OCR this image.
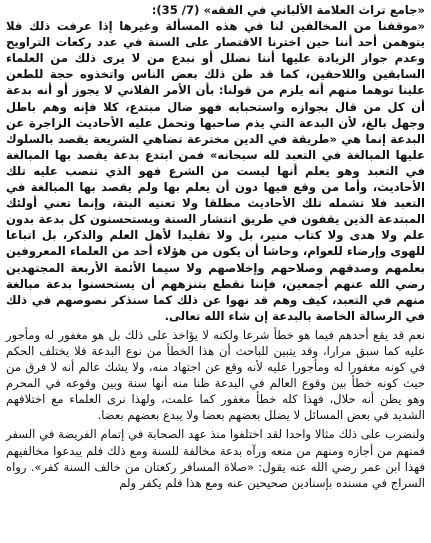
«جامع تراث العلامة الألباني في الفقه» (7/ 35):

«موقفنا من المخالفين لنا في هذه المسألة وغيرها إذا عرفت ذلك فلا يتوهمن أحد أننا حين اخترنا الاقتصار على السنة في عدد ركعات التراويح وعدم جواز الزيادة عليها أننا نضلل أو نبدع من لا يرى ذلك من العلماء السابقين واللاحقين، كما قد ظن ذلك بعض الناس واتخذوه حجة للطعن علينا توهما منهم أنه يلزم من قولنا: بأن الأمر الفلاني لا يجوز أو أنه بدعة أن كل من قال بجوازه واستحبابه فهو ضال مبتدع، كلا فإنه وهم باطل وجهل بالغ، لأن البدعة التي يذم صاحبها وتحمل عليه الأحاديث الزاجرة عن البدعة إنما هي «طريقة في الدين مخترعة تضاهي الشريعة يقصد بالسلوك عليها المبالغة في التعبد لله سبحانه» فمن ابتدع بدعة يقصد بها المبالغة في التعبد وهو يعلم أنها ليست من الشرع فهو الذي تنصب عليه تلك الأحاديث، وأما من وقع فيها دون أن يعلم بها ولم يقصد بها المبالغة في التعبد فلا تشمله تلك الأحاديث مطلقا ولا تعنيه البتة، وإنما تعني أولئك المبتدعة الذين يقفون في طريق انتشار السنة ويستحسنون كل بدعة بدون علم ولا هدى ولا كتاب منير، بل ولا تقليدا لأهل العلم والذكر، بل اتباعا للهوى وإرضاء للعوام، وحاشا أن يكون من هؤلاء أحد من العلماء المعروفين بعلمهم وصدقهم وصلاحهم وإخلاصهم ولا سيما الأئمة الأربعة المجتهدين رضي الله عنهم أجمعين، فإننا نقطع بتنزههم أن يستحسنوا بدعة مبالغة منهم في التعبد، كيف وهم قد نهوا عن ذلك كما سنذكر نصوصهم في ذلك في الرسالة الخاصة بالبدعة إن شاء الله تعالى.

نعم قد يقع أحدهم فيما هو خطأ شرعا ولكنه لا يؤاخذ على ذلك بل هو مغفور له ومأجور عليه كما سبق مرارا، وقد يتبين للباحث أن هذا الخطأ من نوع البدعة فلا يختلف الحكم في كونه مغفورا له ومأجورا عليه لأنه وقع عن اجتهاد منه، ولا يشك عالم أنه لا فرق من حيث كونه خطأ بين وقوع العالم في البدعة ظنا منه أنها سنة وبين وقوعه في المحرم وهو يظن أنه حلال، فهذا كله خطأ مغفور كما علمت، ولهذا نرى العلماء مع اختلافهم الشديد في بعض المسائل لا يضلل بعضهم بعضا ولا يبدع بعضهم بعضا.

ولنضرب على ذلك مثالا واحدا لقد اختلفوا منذ عهد الصحابة في إتمام الفريضة في السفر فمنهم من أجازه ومنهم من منعه ورآه بدعة مخالفة للسنة ومع ذلك فلم يبدعوا مخالفيهم فهذا ابن عمر رضي الله عنه يقول: «صلاة المسافر ركعتان من خالف السنة كفر». رواه السراج في مسنده بإسنادين صحيحين عنه ومع هذا فلم يكفر ولم
